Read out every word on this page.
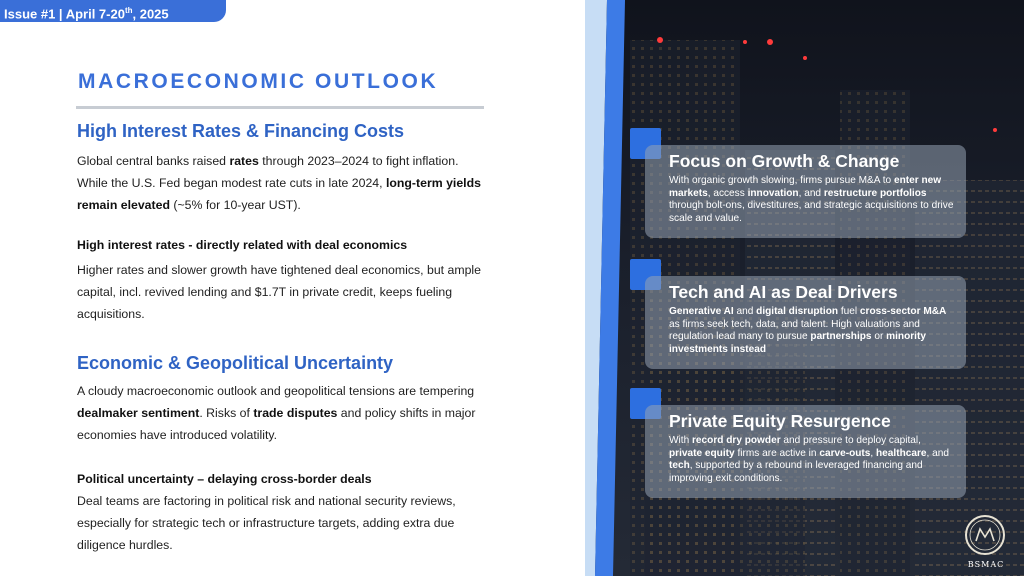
Issue #1 | April 7-20th, 2025
MACROECONOMIC OUTLOOK
High Interest Rates & Financing Costs
Global central banks raised rates through 2023–2024 to fight inflation. While the U.S. Fed began modest rate cuts in late 2024, long-term yields remain elevated (~5% for 10-year UST).
High interest rates - directly related with deal economics
Higher rates and slower growth have tightened deal economics, but ample capital, incl. revived lending and $1.7T in private credit, keeps fueling acquisitions.
Economic & Geopolitical Uncertainty
A cloudy macroeconomic outlook and geopolitical tensions are tempering dealmaker sentiment. Risks of trade disputes and policy shifts in major economies have introduced volatility.
Political uncertainty – delaying cross-border deals
Deal teams are factoring in political risk and national security reviews, especially for strategic tech or infrastructure targets, adding extra due diligence hurdles.
Focus on Growth & Change
With organic growth slowing, firms pursue M&A to enter new markets, access innovation, and restructure portfolios through bolt-ons, divestitures, and strategic acquisitions to drive scale and value.
Tech and AI as Deal Drivers
Generative AI and digital disruption fuel cross-sector M&A as firms seek tech, data, and talent. High valuations and regulation lead many to pursue partnerships or minority investments instead
Private Equity Resurgence
With record dry powder and pressure to deploy capital, private equity firms are active in carve-outs, healthcare, and tech, supported by a rebound in leveraged financing and improving exit conditions.
BSMAC
